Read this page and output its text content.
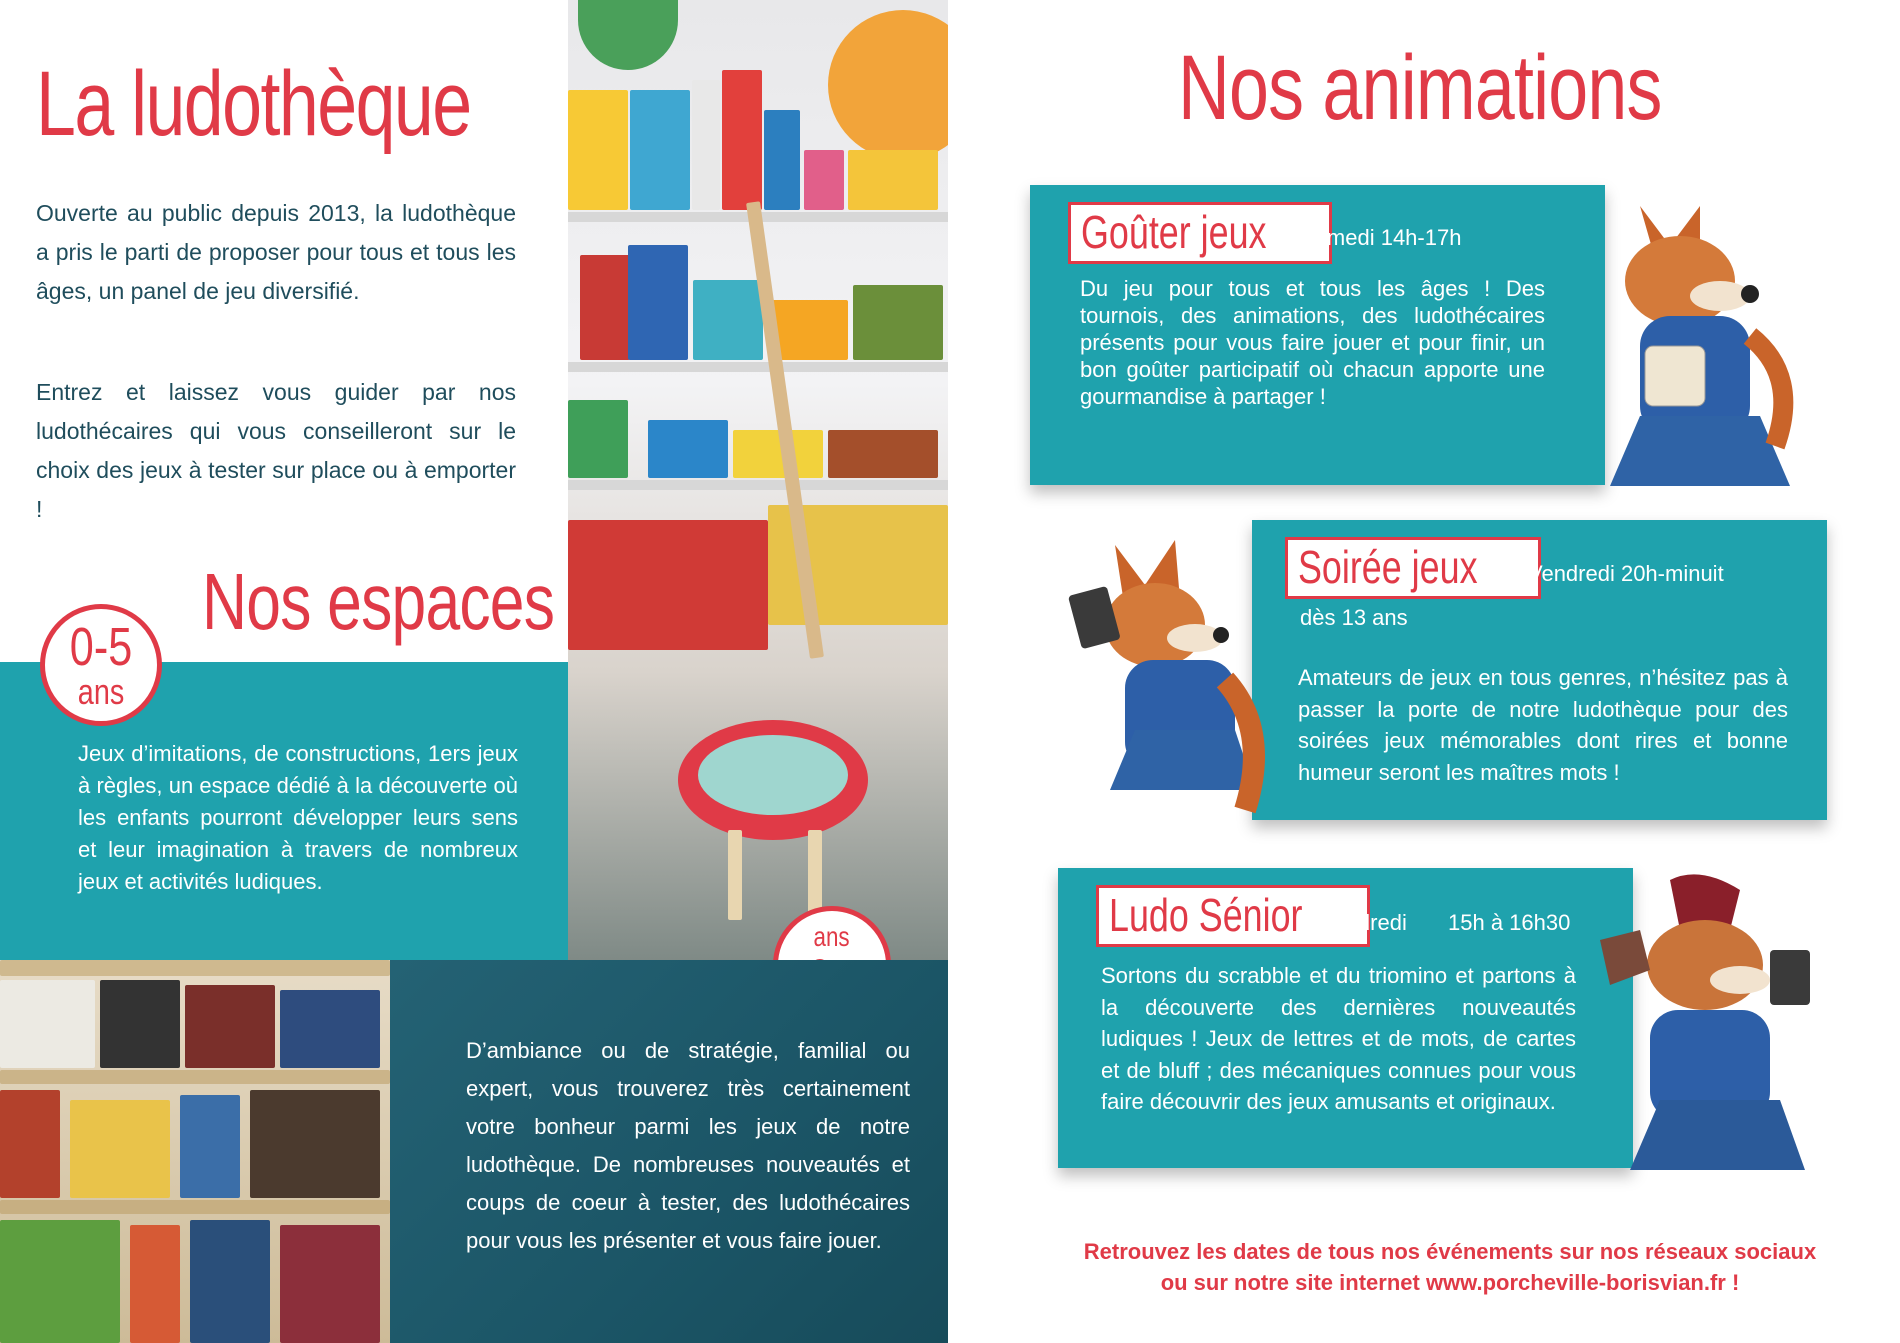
La ludothèque
Ouverte au public depuis 2013, la ludothèque a pris le parti de proposer pour tous et tous les âges, un panel de jeu diversifié.
Entrez et laissez vous guider par nos ludothécaires qui vous conseilleront sur le choix des jeux à tester sur place ou à emporter !
Nos espaces
0-5
ans
Jeux d’imitations, de constructions, 1ers jeux à règles, un espace dédié à la découverte où les enfants pourront développer leurs sens et leur imagination à travers de nombreux jeux et activités ludiques.
ans
D’ambiance ou de stratégie, familial ou expert, vous trouverez très certainement votre bonheur parmi les jeux de notre ludothèque. De nombreuses nouveautés et coups de coeur à tester, des ludothécaires pour vous les présenter et vous faire jouer.
Nos animations
Goûter jeux	Samedi 14h-17h
Du jeu pour tous et tous les âges ! Des tournois, des animations, des ludothécaires présents pour vous faire jouer et pour finir, un bon goûter participatif où chacun apporte une gourmandise à partager !
Soirée jeux	Vendredi 20h-minuit
dès 13 ans
Amateurs de jeux en tous genres, n’hésitez pas à passer la porte de notre ludothèque pour des soirées jeux mémorables dont rires et bonne humeur seront les maîtres mots !
Ludo Sénior Vendredi 15h à 16h30
Sortons du scrabble et du triomino et partons à la découverte des dernières nouveautés ludiques ! Jeux de lettres et de mots, de cartes et de bluff ; des mécaniques connues pour vous faire découvrir des jeux amusants et originaux.
Retrouvez les dates de tous nos événements sur nos réseaux sociaux
ou sur notre site internet www.porcheville-borisvian.fr !
